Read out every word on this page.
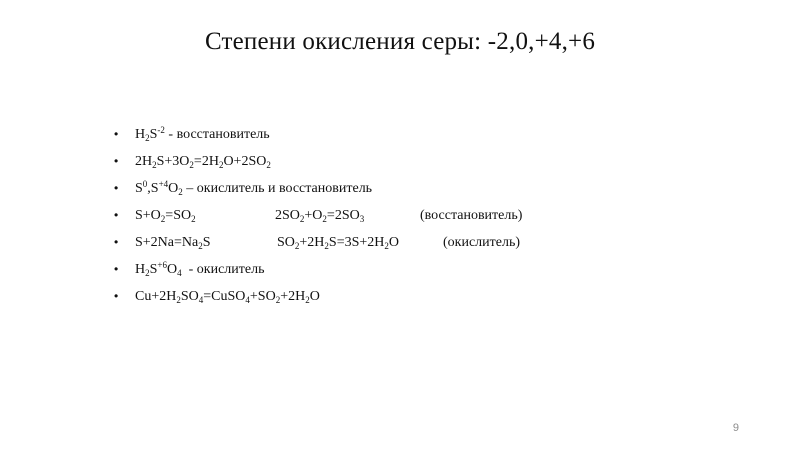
Степени окисления серы: -2,0,+4,+6
• $H_2S^{-2}$ - восстановитель
• $2H_2S+3O_2=2H_2O+2SO_2$
• $S^0,S^{+4}O_2$ – окислитель и восстановитель
• $S+O_2=SO_2$	$2SO_2+O_2=2SO_3$	(восстановитель)
• $S+2Na=Na_2S$	$SO_2+2H_2S=3S+2H_2O$	(окислитель)
• $H_2S^{+6}O_4$  - окислитель
• $Cu+2H_2SO_4=CuSO_4+SO_2+2H_2O$
9
